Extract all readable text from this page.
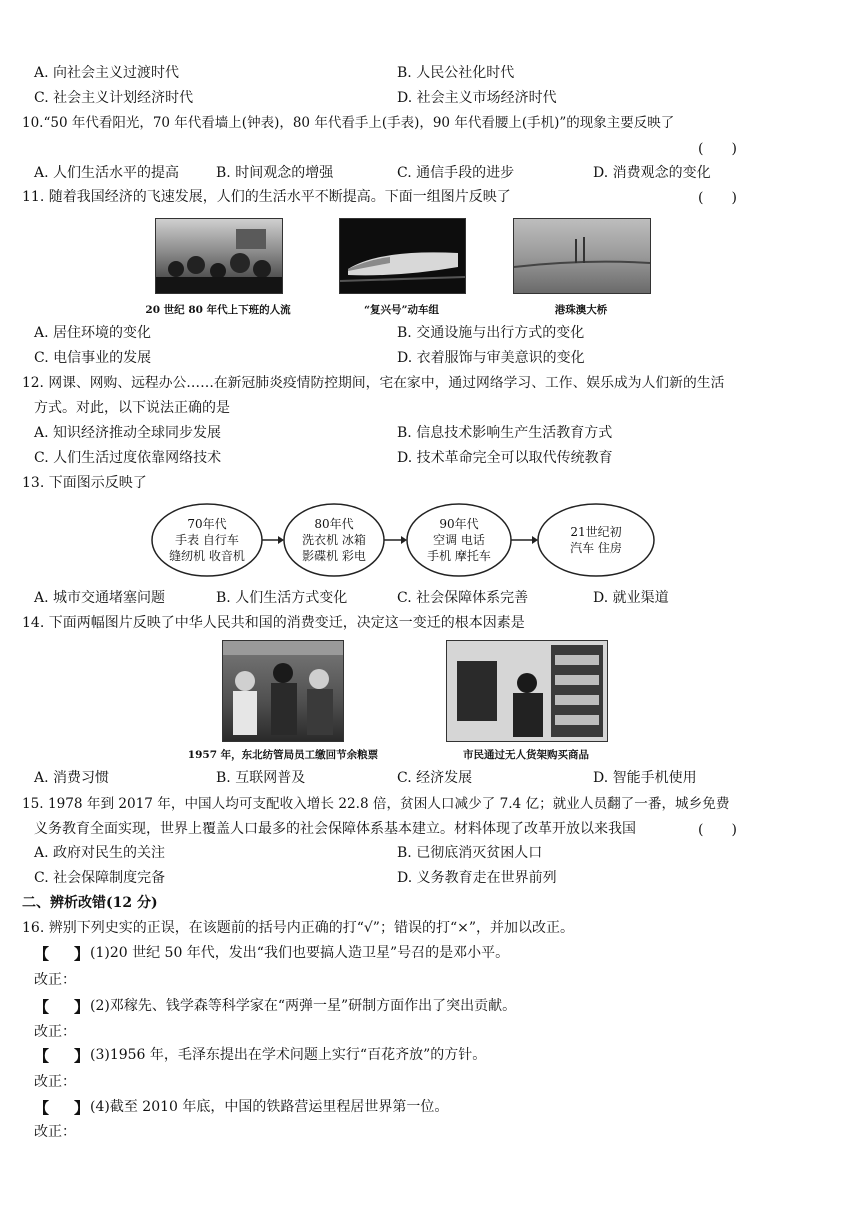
A. 向社会主义过渡时代	B. 人民公社化时代
C. 社会主义计划经济时代	D. 社会主义市场经济时代
10.“50 年代看阳光，70 年代看墙上(钟表)，80 年代看手上(手表)，90 年代看腰上(手机)”的现象主要反映了
(　　)
A. 人们生活水平的提高	B. 时间观念的增强	C. 通信手段的进步	D. 消费观念的变化
11. 随着我国经济的飞速发展，人们的生活水平不断提高。下面一组图片反映了	(　　)
20 世纪 80 年代上下班的人流	“复兴号”动车组	港珠澳大桥
A. 居住环境的变化	B. 交通设施与出行方式的变化
C. 电信事业的发展	D. 衣着服饰与审美意识的变化
12. 网课、网购、远程办公……在新冠肺炎疫情防控期间，宅在家中，通过网络学习、工作、娱乐成为人们新的生活
方式。对此，以下说法正确的是
A. 知识经济推动全球同步发展	B. 信息技术影响生产生活教育方式
C. 人们生活过度依靠网络技术	D. 技术革命完全可以取代传统教育
13. 下面图示反映了
70年代
手表 自行车
缝纫机 收音机
80年代
洗衣机 冰箱
影碟机 彩电
90年代
空调 电话
手机 摩托车
21世纪初
汽车 住房
A. 城市交通堵塞问题	B. 人们生活方式变化	C. 社会保障体系完善	D. 就业渠道
14. 下面两幅图片反映了中华人民共和国的消费变迁，决定这一变迁的根本因素是
1957 年，东北纺管局员工缴回节余粮票	市民通过无人货架购买商品
A. 消费习惯	B. 互联网普及	C. 经济发展	D. 智能手机使用
15. 1978 年到 2017 年，中国人均可支配收入增长 22.8 倍，贫困人口减少了 7.4 亿；就业人员翻了一番，城乡免费
义务教育全面实现，世界上覆盖人口最多的社会保障体系基本建立。材料体现了改革开放以来我国	(　　)
A. 政府对民生的关注	B. 已彻底消灭贫困人口
C. 社会保障制度完备	D. 义务教育走在世界前列
二、辨析改错(12 分)
16. 辨别下列史实的正误，在该题前的括号内正确的打“√”；错误的打“×”，并加以改正。
【 】 (1)20 世纪 50 年代，发出“我们也要搞人造卫星”号召的是邓小平。
改正：
【 】 (2)邓稼先、钱学森等科学家在“两弹一星”研制方面作出了突出贡献。
改正：
【 】 (3)1956 年，毛泽东提出在学术问题上实行“百花齐放”的方针。
改正：
【 】 (4)截至 2010 年底，中国的铁路营运里程居世界第一位。
改正：
